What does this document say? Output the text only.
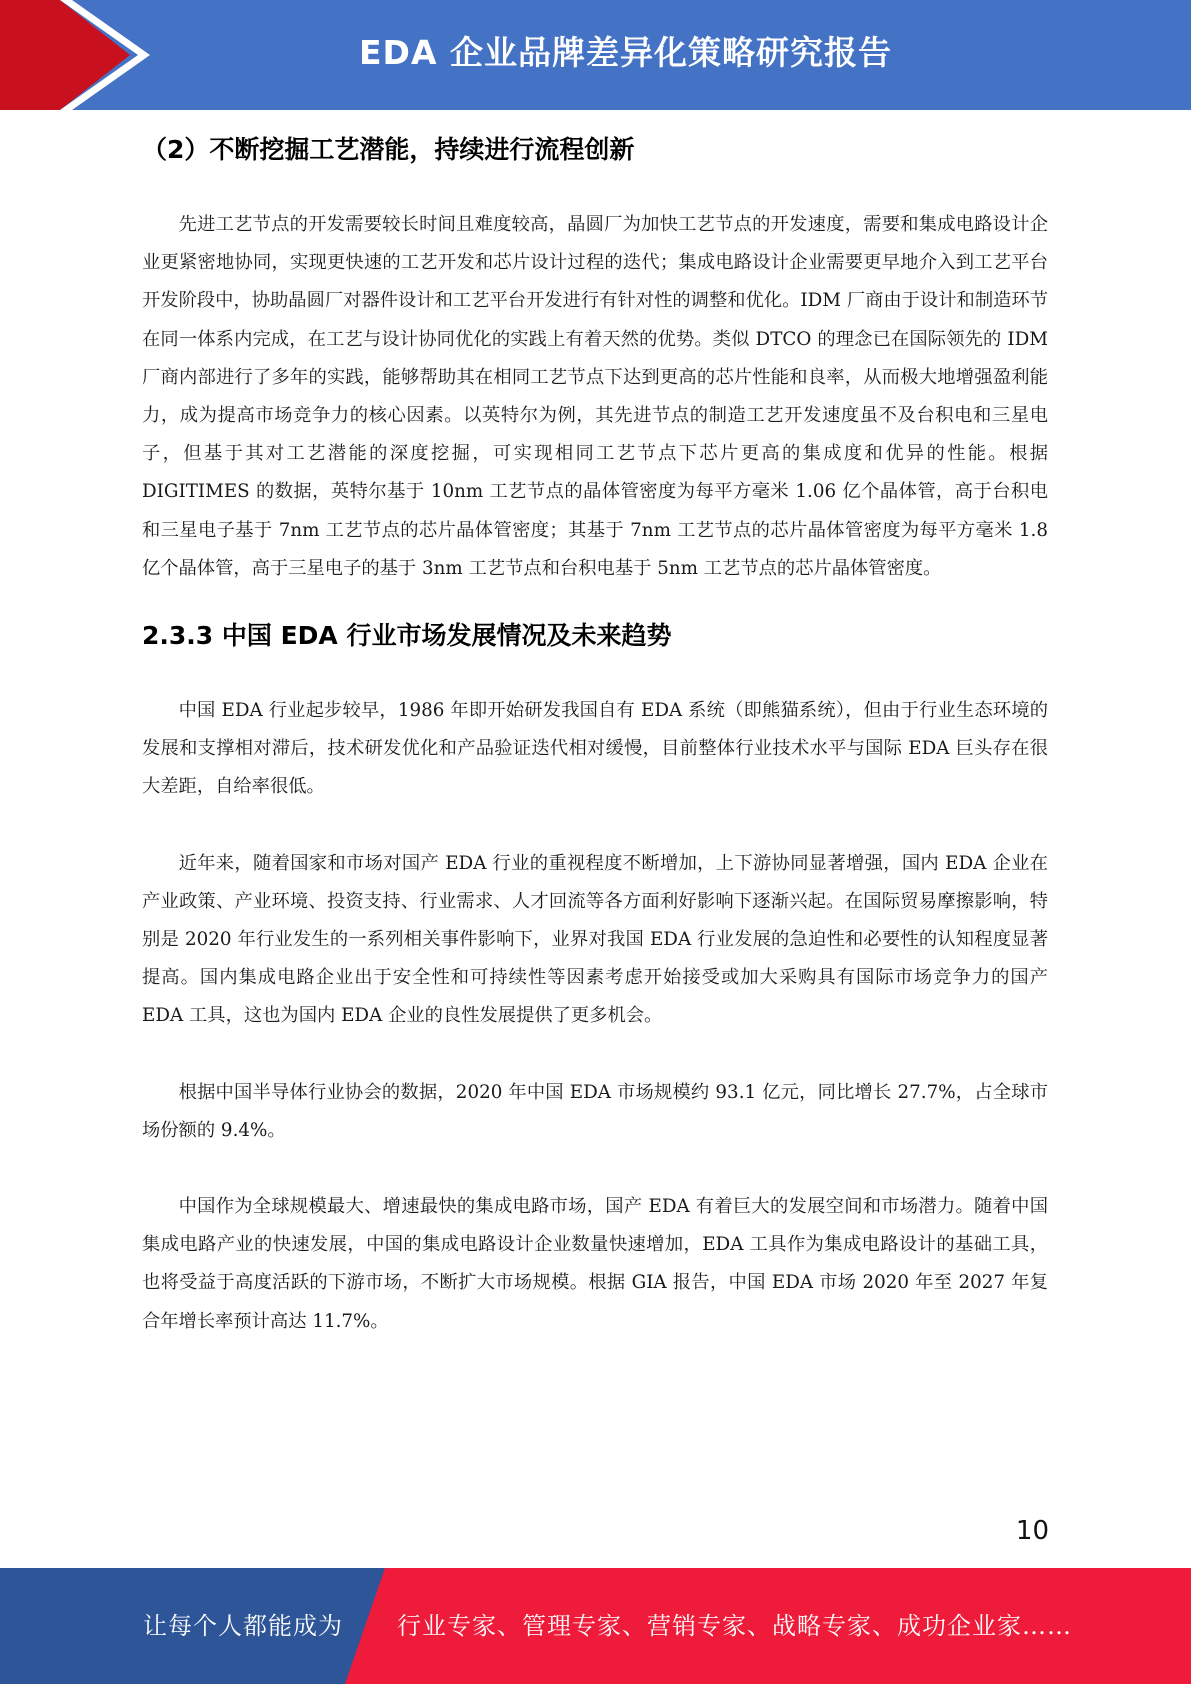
EDA 企业品牌差异化策略研究报告
（2）不断挖掘工艺潜能，持续进行流程创新

先进工艺节点的开发需要较长时间且难度较高，晶圆厂为加快工艺节点的开发速度，需要和集成电路设计企业更紧密地协同，实现更快速的工艺开发和芯片设计过程的迭代；集成电路设计企业需要更早地介入到工艺平台开发阶段中，协助晶圆厂对器件设计和工艺平台开发进行有针对性的调整和优化。IDM 厂商由于设计和制造环节在同一体系内完成，在工艺与设计协同优化的实践上有着天然的优势。类似 DTCO 的理念已在国际领先的 IDM 厂商内部进行了多年的实践，能够帮助其在相同工艺节点下达到更高的芯片性能和良率，从而极大地增强盈利能力，成为提高市场竞争力的核心因素。以英特尔为例，其先进节点的制造工艺开发速度虽不及台积电和三星电子，但基于其对工艺潜能的深度挖掘，可实现相同工艺节点下芯片更高的集成度和优异的性能。根据 DIGITIMES 的数据，英特尔基于 10nm 工艺节点的晶体管密度为每平方毫米 1.06 亿个晶体管，高于台积电和三星电子基于 7nm 工艺节点的芯片晶体管密度；其基于 7nm 工艺节点的芯片晶体管密度为每平方毫米 1.8 亿个晶体管，高于三星电子的基于 3nm 工艺节点和台积电基于 5nm 工艺节点的芯片晶体管密度。

2.3.3 中国 EDA 行业市场发展情况及未来趋势

中国 EDA 行业起步较早，1986 年即开始研发我国自有 EDA 系统（即熊猫系统），但由于行业生态环境的发展和支撑相对滞后，技术研发优化和产品验证迭代相对缓慢，目前整体行业技术水平与国际 EDA 巨头存在很大差距，自给率很低。

近年来，随着国家和市场对国产 EDA 行业的重视程度不断增加，上下游协同显著增强，国内 EDA 企业在产业政策、产业环境、投资支持、行业需求、人才回流等各方面利好影响下逐渐兴起。在国际贸易摩擦影响，特别是 2020 年行业发生的一系列相关事件影响下，业界对我国 EDA 行业发展的急迫性和必要性的认知程度显著提高。国内集成电路企业出于安全性和可持续性等因素考虑开始接受或加大采购具有国际市场竞争力的国产 EDA 工具，这也为国内 EDA 企业的良性发展提供了更多机会。

根据中国半导体行业协会的数据，2020 年中国 EDA 市场规模约 93.1 亿元，同比增长 27.7%，占全球市场份额的 9.4%。

中国作为全球规模最大、增速最快的集成电路市场，国产 EDA 有着巨大的发展空间和市场潜力。随着中国集成电路产业的快速发展，中国的集成电路设计企业数量快速增加，EDA 工具作为集成电路设计的基础工具，也将受益于高度活跃的下游市场，不断扩大市场规模。根据 GIA 报告，中国 EDA 市场 2020 年至 2027 年复合年增长率预计高达 11.7%。

10
让每个人都能成为 行业专家、管理专家、营销专家、战略专家、成功企业家……
